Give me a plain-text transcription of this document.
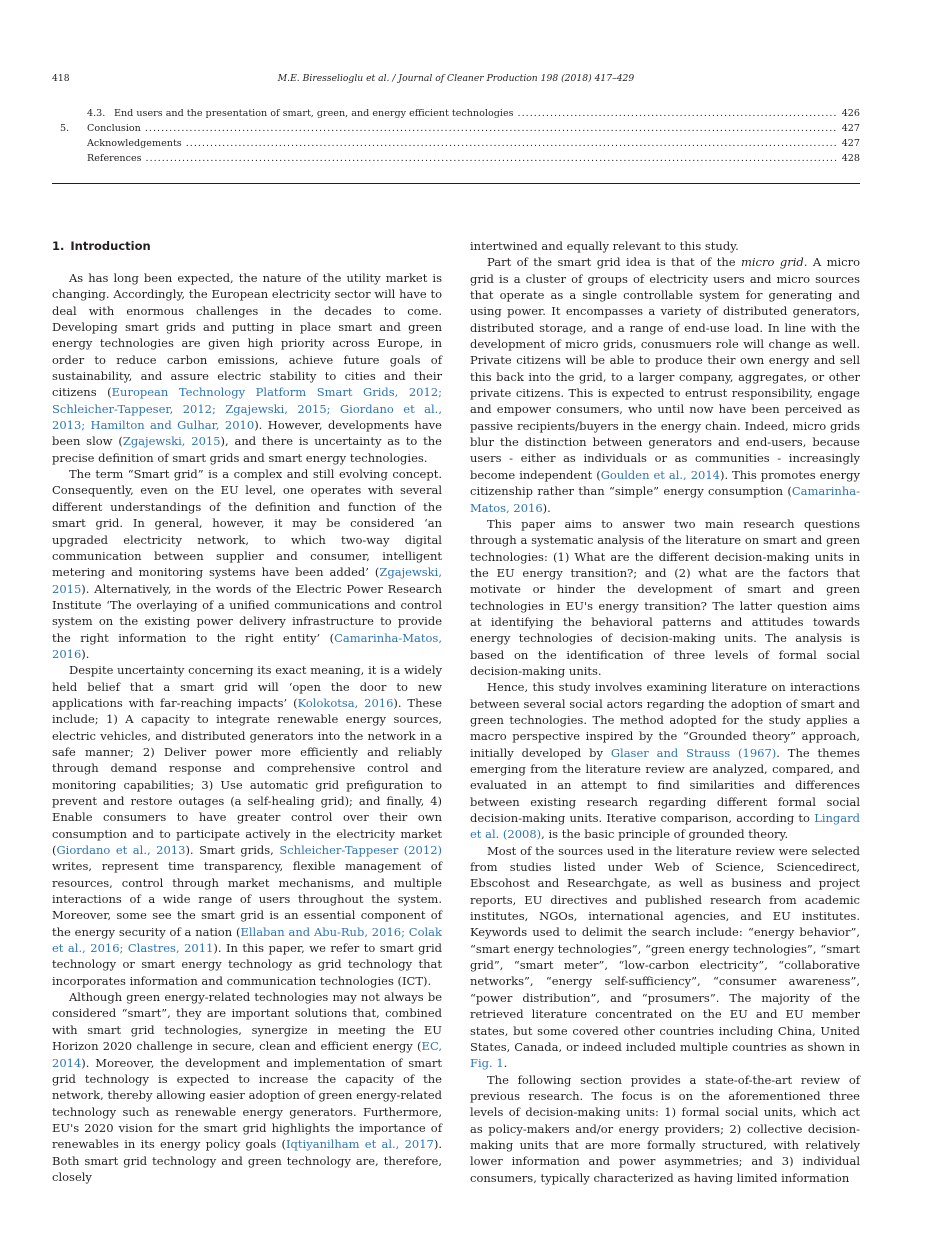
418	M.E. Biresselioglu et al. / Journal of Cleaner Production 198 (2018) 417–429
4.3. End users and the presentation of smart, green, and energy efficient technologies .....	426
5.	Conclusion .....	427
Acknowledgements .....	427
References .....	428
1. Introduction

As has long been expected, the nature of the utility market is changing. Accordingly, the European electricity sector will have to deal with enormous challenges in the decades to come. Developing smart grids and putting in place smart and green energy technologies are given high priority across Europe, in order to reduce carbon emissions, achieve future goals of sustainability, and assure electric stability to cities and their citizens (European Technology Platform Smart Grids, 2012; Schleicher-Tappeser, 2012; Zgajewski, 2015; Giordano et al., 2013; Hamilton and Gulhar, 2010). However, developments have been slow (Zgajewski, 2015), and there is uncertainty as to the precise definition of smart grids and smart energy technologies.

The term “Smart grid” is a complex and still evolving concept. Consequently, even on the EU level, one operates with several different understandings of the definition and function of the smart grid. In general, however, it may be considered ‘an upgraded electricity network, to which two-way digital communication between supplier and consumer, intelligent metering and monitoring systems have been added’ (Zgajewski, 2015). Alternatively, in the words of the Electric Power Research Institute ‘The overlaying of a unified communications and control system on the existing power delivery infrastructure to provide the right information to the right entity’ (Camarinha-Matos, 2016).

Despite uncertainty concerning its exact meaning, it is a widely held belief that a smart grid will ‘open the door to new applications with far-reaching impacts’ (Kolokotsa, 2016). These include; 1) A capacity to integrate renewable energy sources, electric vehicles, and distributed generators into the network in a safe manner; 2) Deliver power more efficiently and reliably through demand response and comprehensive control and monitoring capabilities; 3) Use automatic grid prefiguration to prevent and restore outages (a self-healing grid); and finally, 4) Enable consumers to have greater control over their own consumption and to participate actively in the electricity market (Giordano et al., 2013). Smart grids, Schleicher-Tappeser (2012) writes, represent time transparency, flexible management of resources, control through market mechanisms, and multiple interactions of a wide range of users throughout the system. Moreover, some see the smart grid is an essential component of the energy security of a nation (Ellaban and Abu-Rub, 2016; Colak et al., 2016; Clastres, 2011). In this paper, we refer to smart grid technology or smart energy technology as grid technology that incorporates information and communication technologies (ICT).

Although green energy-related technologies may not always be considered “smart”, they are important solutions that, combined with smart grid technologies, synergize in meeting the EU Horizon 2020 challenge in secure, clean and efficient energy (EC, 2014). Moreover, the development and implementation of smart grid technology is expected to increase the capacity of the network, thereby allowing easier adoption of green energy-related technology such as renewable energy generators. Furthermore, EU's 2020 vision for the smart grid highlights the importance of renewables in its energy policy goals (Iqtiyanilham et al., 2017). Both smart grid technology and green technology are, therefore, closely

intertwined and equally relevant to this study.

Part of the smart grid idea is that of the micro grid. A micro grid is a cluster of groups of electricity users and micro sources that operate as a single controllable system for generating and using power. It encompasses a variety of distributed generators, distributed storage, and a range of end-use load. In line with the development of micro grids, conusmuers role will change as well. Private citizens will be able to produce their own energy and sell this back into the grid, to a larger company, aggregates, or other private citizens. This is expected to entrust responsibility, engage and empower consumers, who until now have been perceived as passive recipients/buyers in the energy chain. Indeed, micro grids blur the distinction between generators and end-users, because users - either as individuals or as communities - increasingly become independent (Goulden et al., 2014). This promotes energy citizenship rather than “simple” energy consumption (Camarinha-Matos, 2016).

This paper aims to answer two main research questions through a systematic analysis of the literature on smart and green technologies: (1) What are the different decision-making units in the EU energy transition?; and (2) what are the factors that motivate or hinder the development of smart and green technologies in EU's energy transition? The latter question aims at identifying the behavioral patterns and attitudes towards energy technologies of decision-making units. The analysis is based on the identification of three levels of formal social decision-making units.

Hence, this study involves examining literature on interactions between several social actors regarding the adoption of smart and green technologies. The method adopted for the study applies a macro perspective inspired by the “Grounded theory” approach, initially developed by Glaser and Strauss (1967). The themes emerging from the literature review are analyzed, compared, and evaluated in an attempt to find similarities and differences between existing research regarding different formal social decision-making units. Iterative comparison, according to Lingard et al. (2008), is the basic principle of grounded theory.

Most of the sources used in the literature review were selected from studies listed under Web of Science, Sciencedirect, Ebscohost and Researchgate, as well as business and project reports, EU directives and published research from academic institutes, NGOs, international agencies, and EU institutes. Keywords used to delimit the search include: “energy behavior”, “smart energy technologies”, “green energy technologies”, “smart grid”, “smart meter”, “low-carbon electricity”, “collaborative networks”, “energy self-sufficiency”, “consumer awareness”, “power distribution”, and “prosumers”. The majority of the retrieved literature concentrated on the EU and EU member states, but some covered other countries including China, United States, Canada, or indeed included multiple countries as shown in Fig. 1.

The following section provides a state-of-the-art review of previous research. The focus is on the aforementioned three levels of decision-making units: 1) formal social units, which act as policy-makers and/or energy providers; 2) collective decision-making units that are more formally structured, with relatively lower information and power asymmetries; and 3) individual consumers, typically characterized as having limited information
